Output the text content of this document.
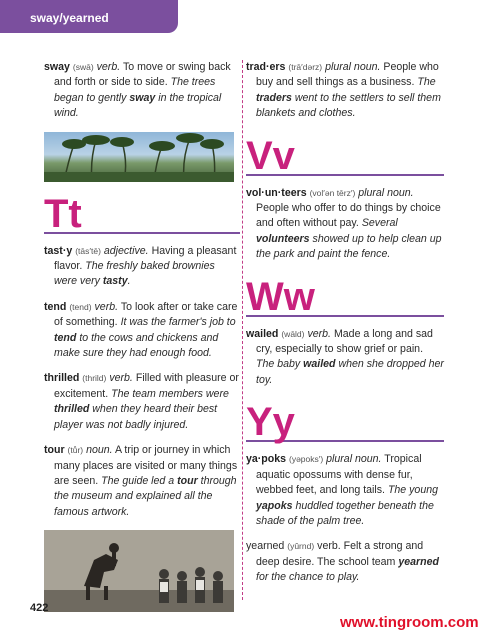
sway/yearned

sway (swā) verb. To move or swing back and forth or side to side. The trees began to gently sway in the tropical wind.

Tt

tast·y (tās′tē) adjective. Having a pleasant flavor. The freshly baked brownies were very tasty.

tend (tend) verb. To look after or take care of something. It was the farmer's job to tend to the cows and chickens and make sure they had enough food.

thrilled (thrild) verb. Filled with pleasure or excitement. The team members were thrilled when they heard their best player was not badly injured.

tour (tůr) noun. A trip or journey in which many places are visited or many things are seen. The guide led a tour through the museum and explained all the famous artwork.

trad·ers (trā′dərz) plural noun. People who buy and sell things as a business. The traders went to the settlers to sell them blankets and clothes.

Vv

vol·un·teers (vol′ən tērz′) plural noun. People who offer to do things by choice and often without pay. Several volunteers showed up to help clean up the park and paint the fence.

Ww

wailed (wāld) verb. Made a long and sad cry, especially to show grief or pain. The baby wailed when she dropped her toy.

Yy

ya·poks (yəpoks′) plural noun. Tropical aquatic opossums with dense fur, webbed feet, and long tails. The young yapoks huddled together beneath the shade of the palm tree.

yearned (yûrnd) verb. Felt a strong and deep desire. The school team yearned for the chance to play.

422
www.tingroom.com
